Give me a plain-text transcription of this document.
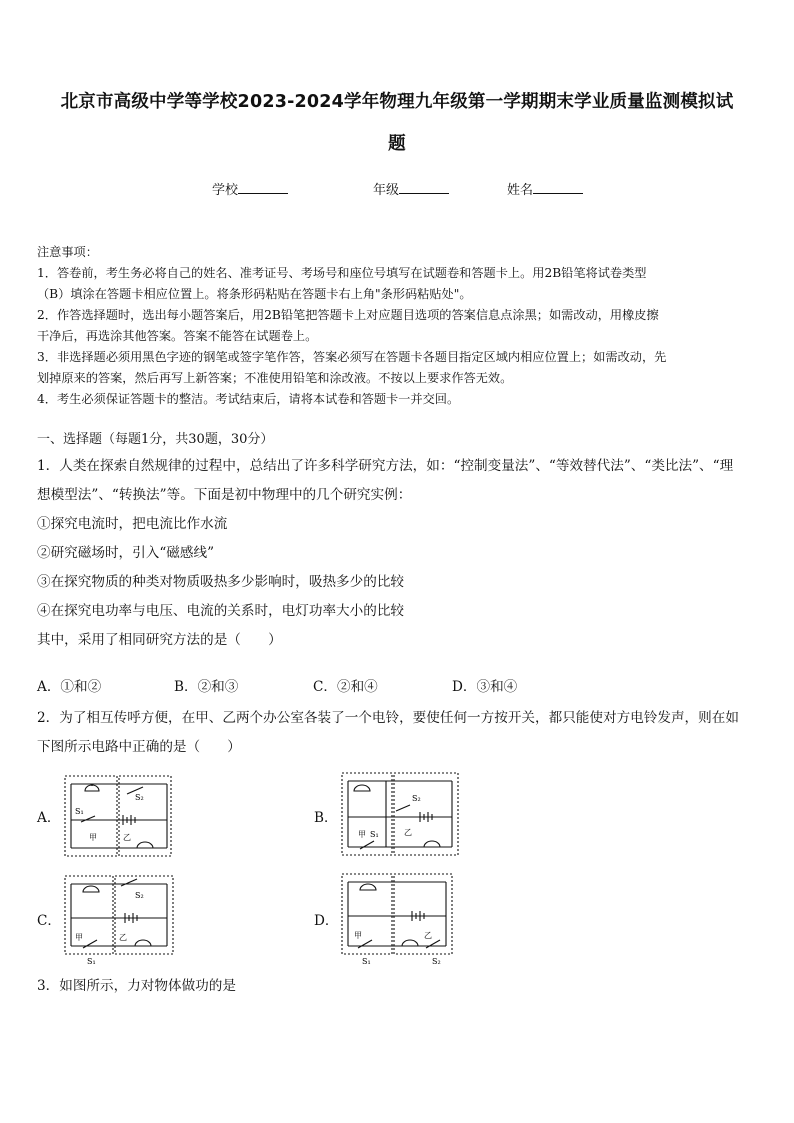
北京市高级中学等学校2023-2024学年物理九年级第一学期期末学业质量监测模拟试
题
学校	年级	姓名
注意事项：
1．答卷前，考生务必将自己的姓名、准考证号、考场号和座位号填写在试题卷和答题卡上。用2B铅笔将试卷类型
（B）填涂在答题卡相应位置上。将条形码粘贴在答题卡右上角"条形码粘贴处"。
2．作答选择题时，选出每小题答案后，用2B铅笔把答题卡上对应题目选项的答案信息点涂黑；如需改动，用橡皮擦
干净后，再选涂其他答案。答案不能答在试题卷上。
3．非选择题必须用黑色字迹的钢笔或签字笔作答，答案必须写在答题卡各题目指定区域内相应位置上；如需改动，先
划掉原来的答案，然后再写上新答案；不准使用铅笔和涂改液。不按以上要求作答无效。
4．考生必须保证答题卡的整洁。考试结束后，请将本试卷和答题卡一并交回。
一、选择题（每题1分，共30题，30分）
1．人类在探索自然规律的过程中，总结出了许多科学研究方法，如：“控制变量法”、“等效替代法”、“类比法”、“理
想模型法”、“转换法”等。下面是初中物理中的几个研究实例：
①探究电流时，把电流比作水流
②研究磁场时，引入“磁感线”
③在探究物质的种类对物质吸热多少影响时，吸热多少的比较
④在探究电功率与电压、电流的关系时，电灯功率大小的比较
其中，采用了相同研究方法的是（　　）
A．①和②	B．②和③	C．②和④	D．③和④
2．为了相互传呼方便，在甲、乙两个办公室各装了一个电铃，要使任何一方按开关，都只能使对方电铃发声，则在如
下图所示电路中正确的是（　　）
A．	B．
C．	D．
S₂
S₁
甲	乙
S₂
S₁
甲	乙
S₂
S₁
甲	乙
S₁	S₂
甲	乙
3．如图所示，力对物体做功的是
